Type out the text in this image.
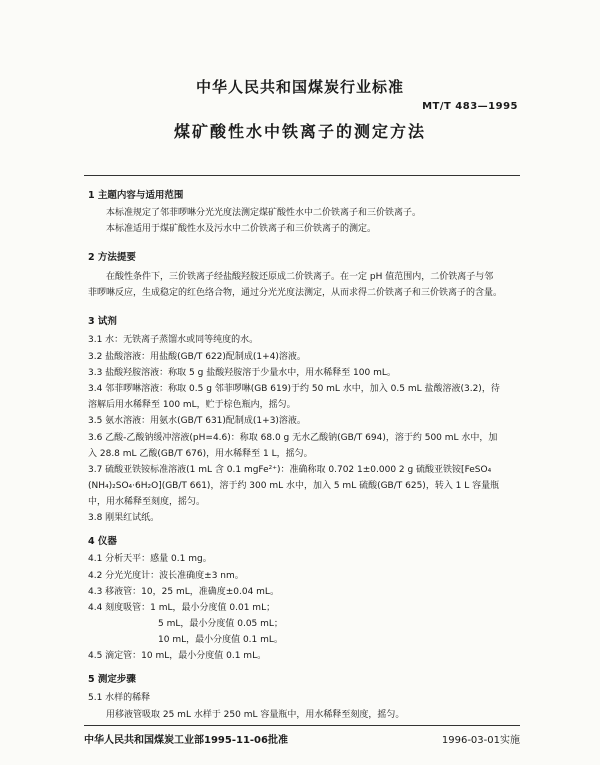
中华人民共和国煤炭行业标准
MT/T 483—1995
煤矿酸性水中铁离子的测定方法
1 主题内容与适用范围
本标准规定了邻菲啰啉分光光度法测定煤矿酸性水中二价铁离子和三价铁离子。
本标准适用于煤矿酸性水及污水中二价铁离子和三价铁离子的测定。
2 方法提要
在酸性条件下，三价铁离子经盐酸羟胺还原成二价铁离子。在一定 pH 值范围内，二价铁离子与邻
菲啰啉反应，生成稳定的红色络合物，通过分光光度法测定，从而求得二价铁离子和三价铁离子的含量。
3 试剂
3.1 水：无铁离子蒸馏水或同等纯度的水。
3.2 盐酸溶液：用盐酸(GB/T 622)配制成(1+4)溶液。
3.3 盐酸羟胺溶液：称取 5 g 盐酸羟胺溶于少量水中，用水稀释至 100 mL。
3.4 邻菲啰啉溶液：称取 0.5 g 邻菲啰啉(GB 619)于约 50 mL 水中，加入 0.5 mL 盐酸溶液(3.2)，待
溶解后用水稀释至 100 mL，贮于棕色瓶内，摇匀。
3.5 氨水溶液：用氨水(GB/T 631)配制成(1+3)溶液。
3.6 乙酸-乙酸钠缓冲溶液(pH=4.6)：称取 68.0 g 无水乙酸钠(GB/T 694)，溶于约 500 mL 水中，加
入 28.8 mL 乙酸(GB/T 676)，用水稀释至 1 L，摇匀。
3.7 硫酸亚铁铵标准溶液(1 mL 含 0.1 mgFe²⁺)：准确称取 0.702 1±0.000 2 g 硫酸亚铁铵[FeSO₄
(NH₄)₂SO₄·6H₂O](GB/T 661)，溶于约 300 mL 水中，加入 5 mL 硫酸(GB/T 625)，转入 1 L 容量瓶
中，用水稀释至刻度，摇匀。
3.8 刚果红试纸。
4 仪器
4.1 分析天平：感量 0.1 mg。
4.2 分光光度计：波长准确度±3 nm。
4.3 移液管：10，25 mL，准确度±0.04 mL。
4.4 刻度吸管：1 mL，最小分度值 0.01 mL；
5 mL，最小分度值 0.05 mL；
10 mL，最小分度值 0.1 mL。
4.5 滴定管：10 mL，最小分度值 0.1 mL。
5 测定步骤
5.1 水样的稀释
用移液管吸取 25 mL 水样于 250 mL 容量瓶中，用水稀释至刻度，摇匀。
中华人民共和国煤炭工业部1995-11-06批准	1996-03-01实施
